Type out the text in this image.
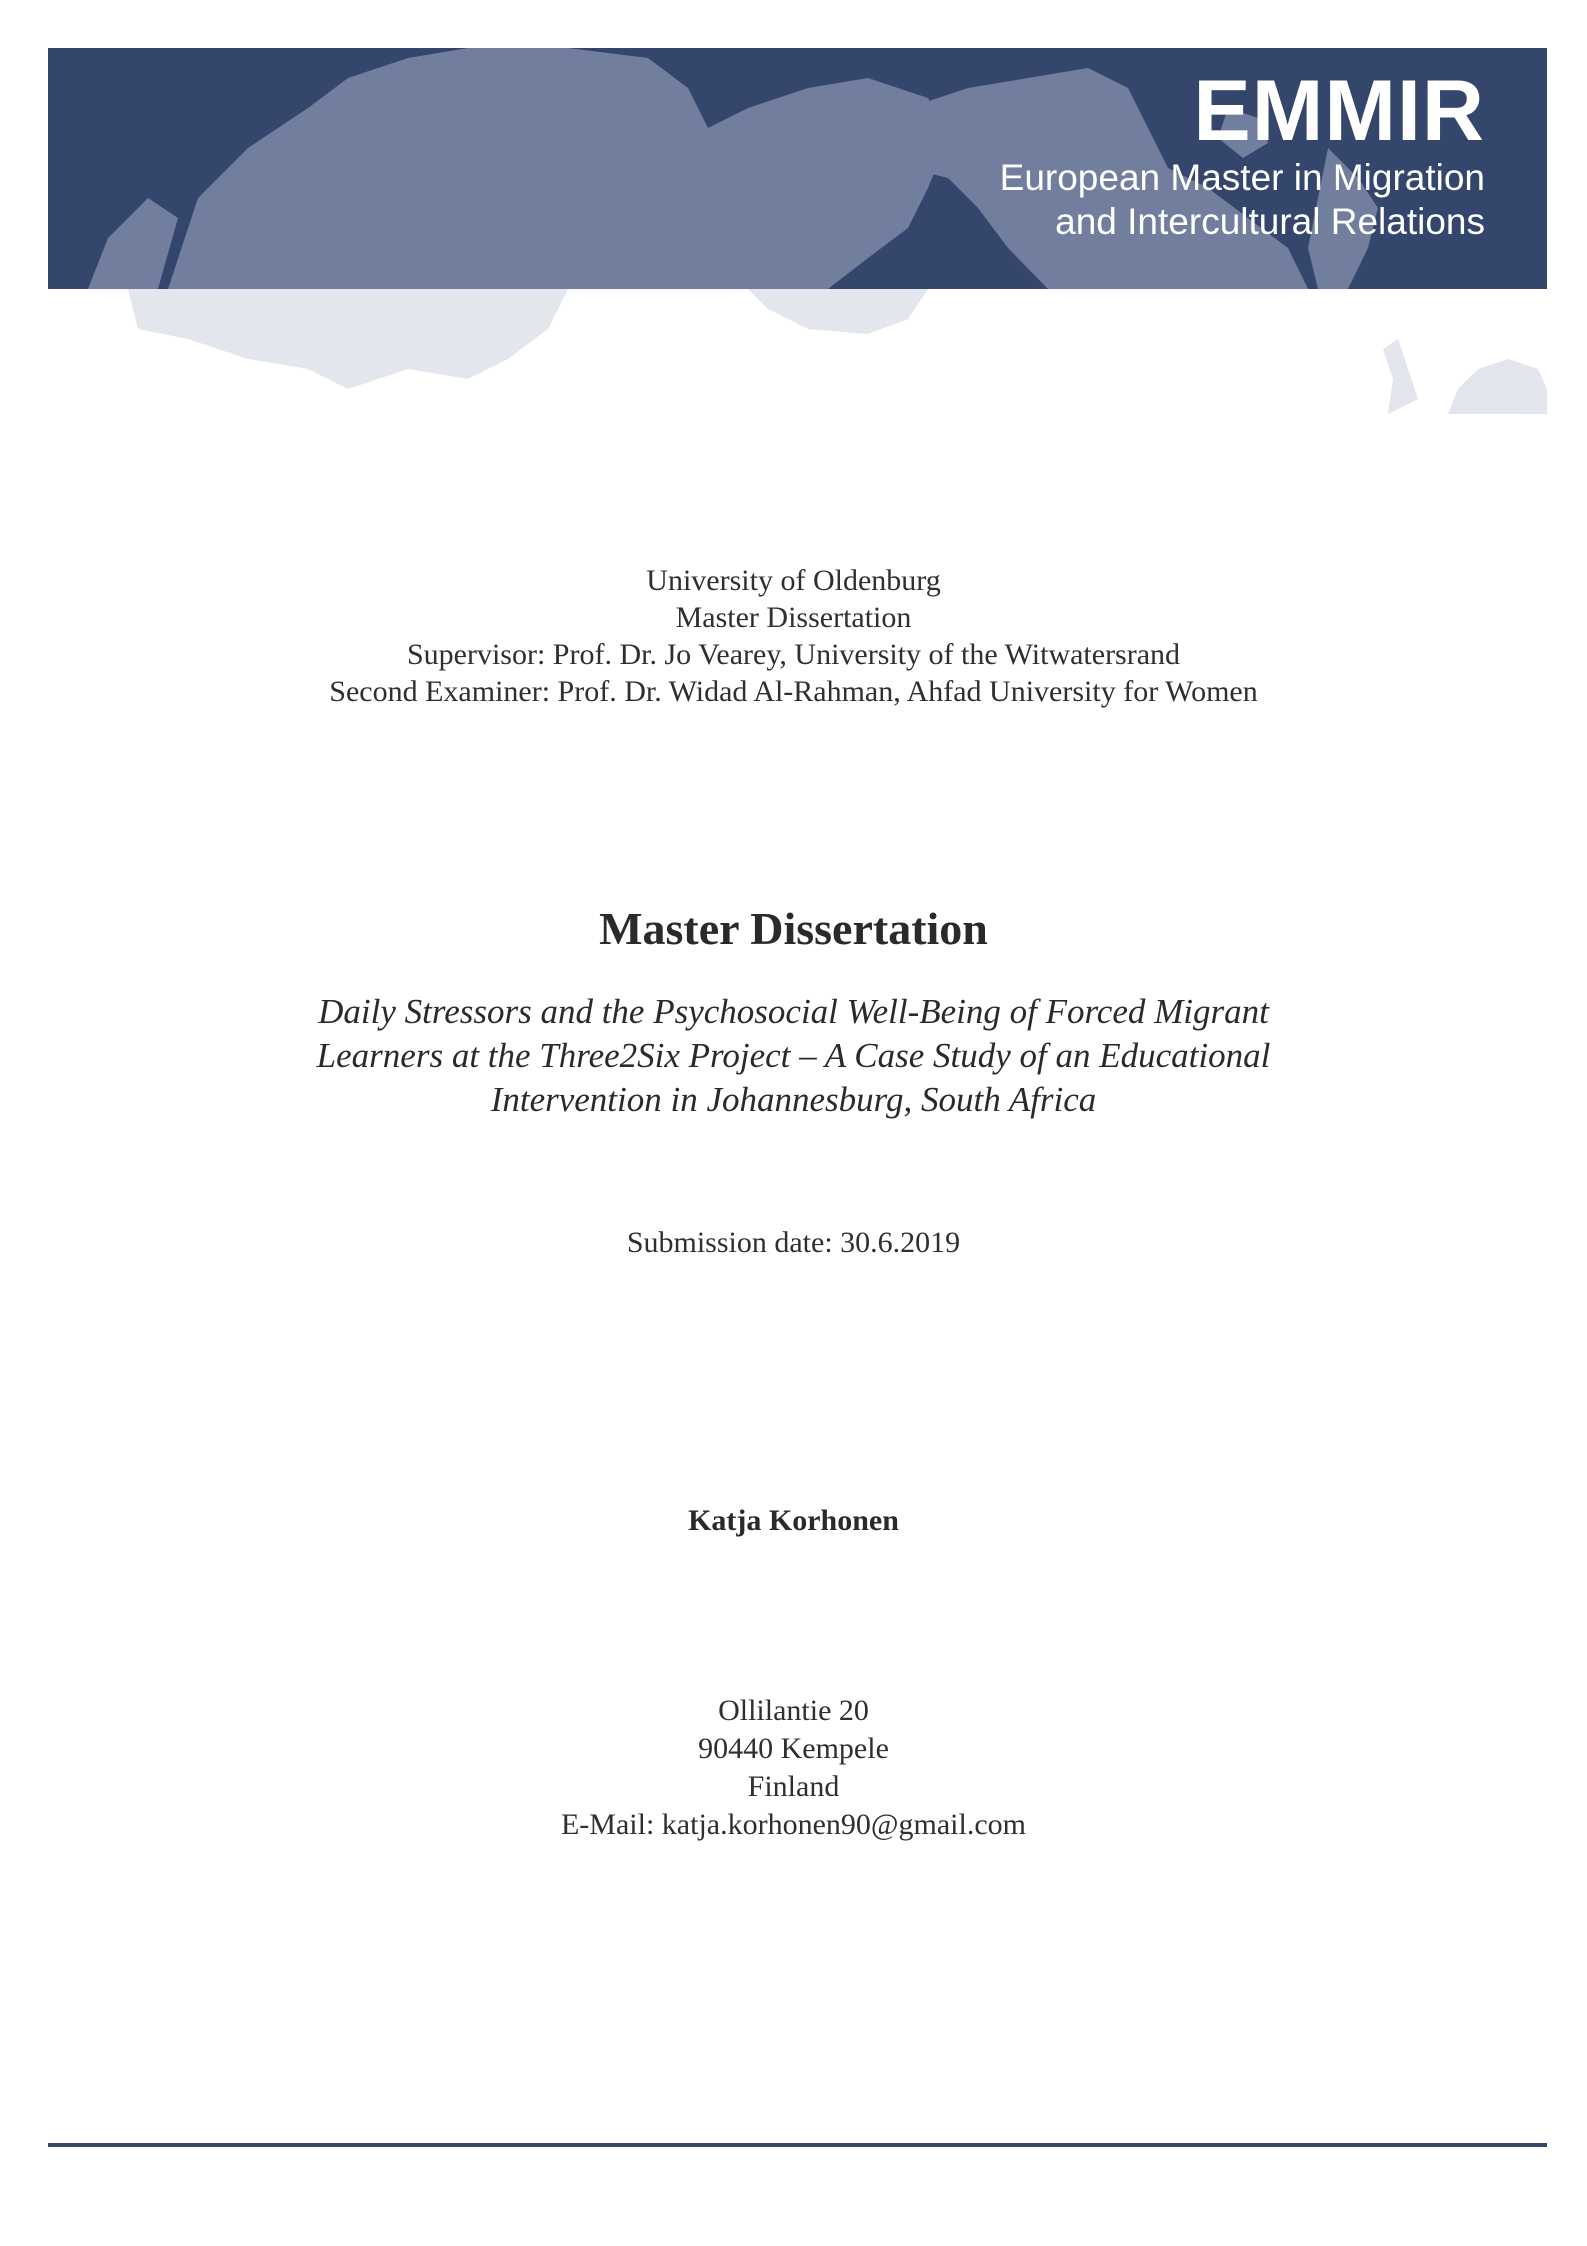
EMMIR
European Master in Migration
and Intercultural Relations
University of Oldenburg
Master Dissertation
Supervisor: Prof. Dr. Jo Vearey, University of the Witwatersrand
Second Examiner: Prof. Dr. Widad Al-Rahman, Ahfad University for Women
Master Dissertation
Daily Stressors and the Psychosocial Well-Being of Forced Migrant
Learners at the Three2Six Project – A Case Study of an Educational
Intervention in Johannesburg, South Africa
Submission date: 30.6.2019
Katja Korhonen
Ollilantie 20
90440 Kempele
Finland
E-Mail: katja.korhonen90@gmail.com
